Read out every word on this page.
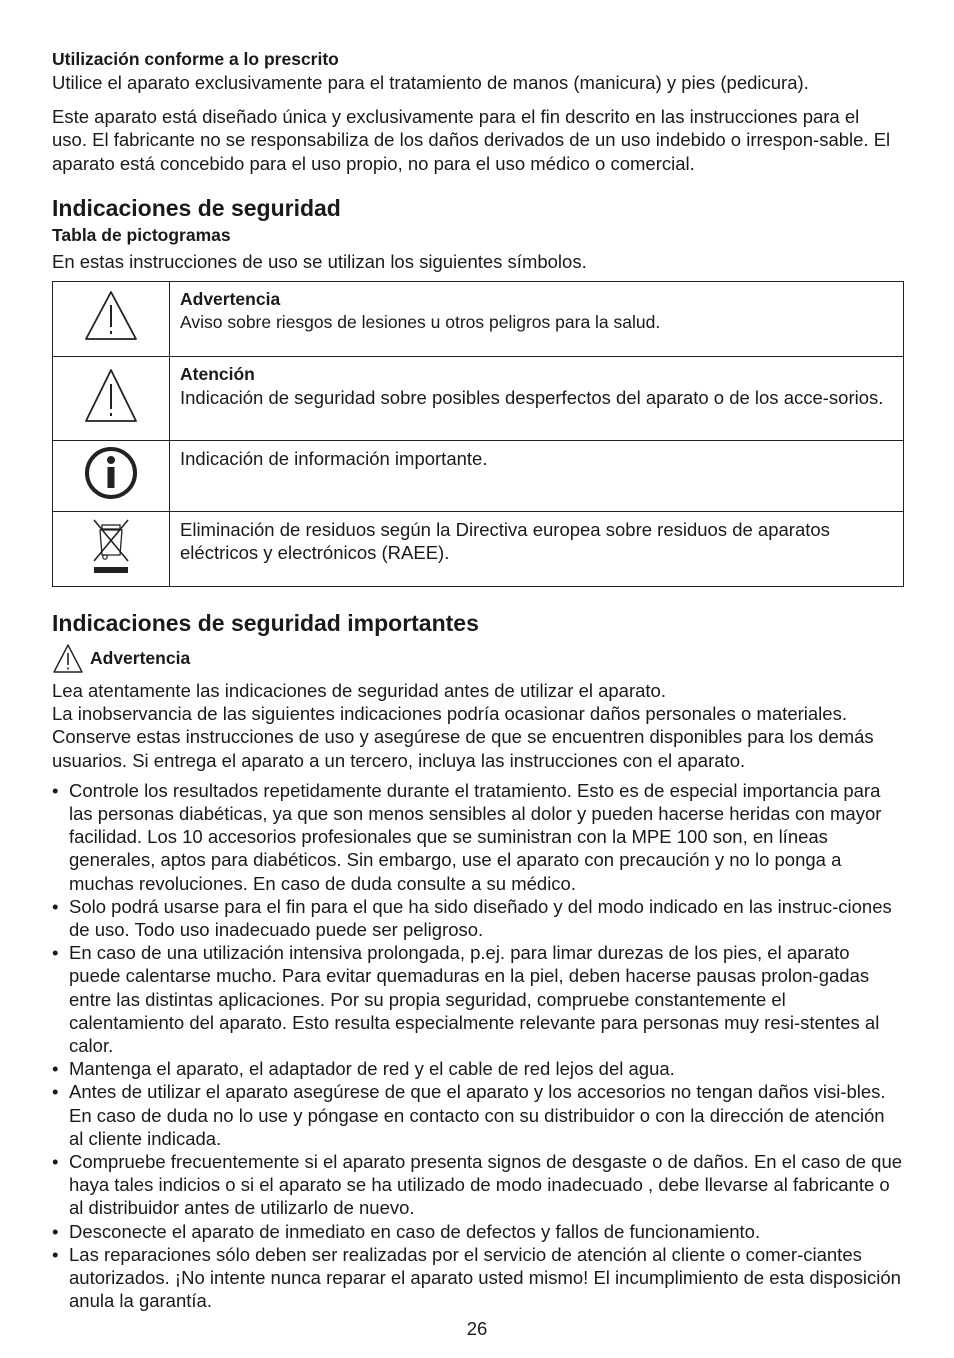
Utilización conforme a lo prescrito

Utilice el aparato exclusivamente para el tratamiento de manos (manicura) y pies (pedicura).

Este aparato está diseñado única y exclusivamente para el fin descrito en las instrucciones para el uso. El fabricante no se responsabiliza de los daños derivados de un uso indebido o irrespon-sable. El aparato está concebido para el uso propio, no para el uso médico o comercial.

Indicaciones de seguridad
Tabla de pictogramas

En estas instrucciones de uso se utilizan los siguientes símbolos.

Advertencia
Aviso sobre riesgos de lesiones u otros peligros para la salud.

Atención
Indicación de seguridad sobre posibles desperfectos del aparato o de los acce-sorios.

Indicación de información importante.

Eliminación de residuos según la Directiva europea sobre residuos de aparatos eléctricos y electrónicos (RAEE).
Indicaciones de seguridad importantes
Advertencia

Lea atentamente las indicaciones de seguridad antes de utilizar el aparato.

La inobservancia de las siguientes indicaciones podría ocasionar daños personales o materiales.

Conserve estas instrucciones de uso y asegúrese de que se encuentren disponibles para los demás usuarios. Si entrega el aparato a un tercero, incluya las instrucciones con el aparato.

• Controle los resultados repetidamente durante el tratamiento. Esto es de especial importancia para las personas diabéticas, ya que son menos sensibles al dolor y pueden hacerse heridas con mayor facilidad. Los 10 accesorios profesionales que se suministran con la MPE 100 son, en líneas generales, aptos para diabéticos. Sin embargo, use el aparato con precaución y no lo ponga a muchas revoluciones. En caso de duda consulte a su médico.
• Solo podrá usarse para el fin para el que ha sido diseñado y del modo indicado en las instruc-ciones de uso. Todo uso inadecuado puede ser peligroso.
• En caso de una utilización intensiva prolongada, p.ej. para limar durezas de los pies, el aparato puede calentarse mucho. Para evitar quemaduras en la piel, deben hacerse pausas prolon-gadas entre las distintas aplicaciones. Por su propia seguridad, compruebe constantemente el calentamiento del aparato. Esto resulta especialmente relevante para personas muy resi-stentes al calor.
• Mantenga el aparato, el adaptador de red y el cable de red lejos del agua.
• Antes de utilizar el aparato asegúrese de que el aparato y los accesorios no tengan daños visi-bles. En caso de duda no lo use y póngase en contacto con su distribuidor o con la dirección de atención al cliente indicada.
• Compruebe frecuentemente si el aparato presenta signos de desgaste o de daños. En el caso de que haya tales indicios o si el aparato se ha utilizado de modo inadecuado , debe llevarse al fabricante o al distribuidor antes de utilizarlo de nuevo.
• Desconecte el aparato de inmediato en caso de defectos y fallos de funcionamiento.
• Las reparaciones sólo deben ser realizadas por el servicio de atención al cliente o comer-ciantes autorizados. ¡No intente nunca reparar el aparato usted mismo! El incumplimiento de esta disposición anula la garantía.
26
